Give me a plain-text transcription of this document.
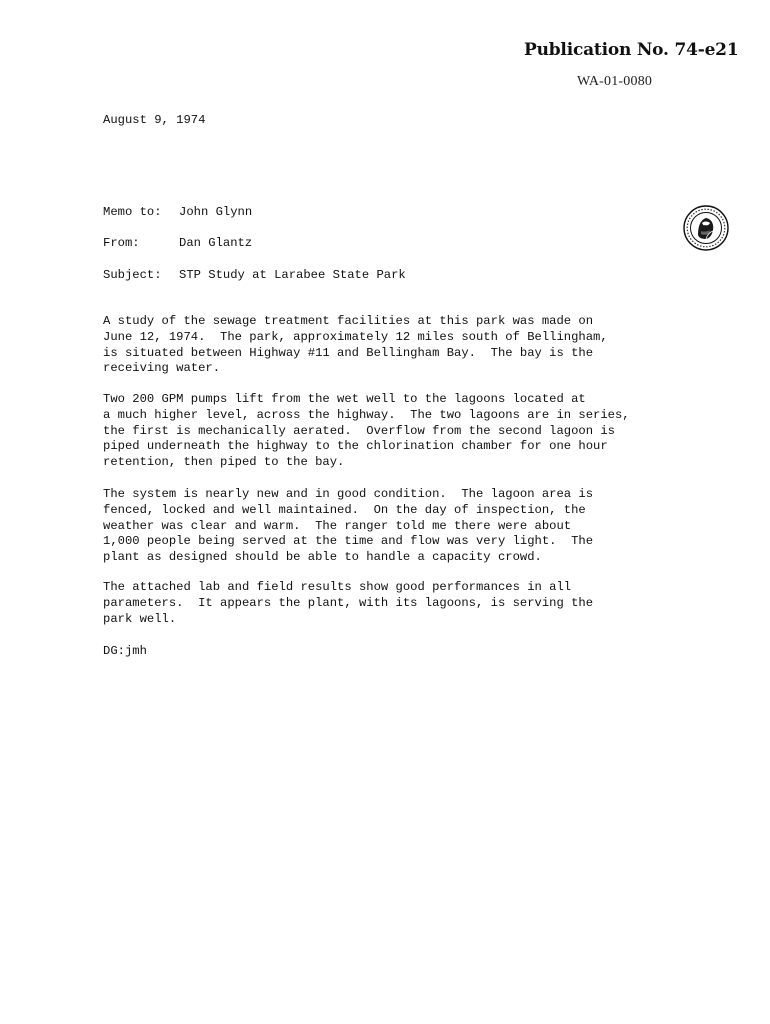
Publication No. 74-e21
WA-01-0080
August 9, 1974
Memo to: John Glynn
From:	Dan Glantz
Subject: STP Study at Larabee State Park

A study of the sewage treatment facilities at this park was made on
June 12, 1974.  The park, approximately 12 miles south of Bellingham,
is situated between Highway #11 and Bellingham Bay.  The bay is the
receiving water.

Two 200 GPM pumps lift from the wet well to the lagoons located at
a much higher level, across the highway.  The two lagoons are in series,
the first is mechanically aerated.  Overflow from the second lagoon is
piped underneath the highway to the chlorination chamber for one hour
retention, then piped to the bay.

The system is nearly new and in good condition.  The lagoon area is
fenced, locked and well maintained.  On the day of inspection, the
weather was clear and warm.  The ranger told me there were about
1,000 people being served at the time and flow was very light.  The
plant as designed should be able to handle a capacity crowd.

The attached lab and field results show good performances in all
parameters.  It appears the plant, with its lagoons, is serving the
park well.

DG:jmh
